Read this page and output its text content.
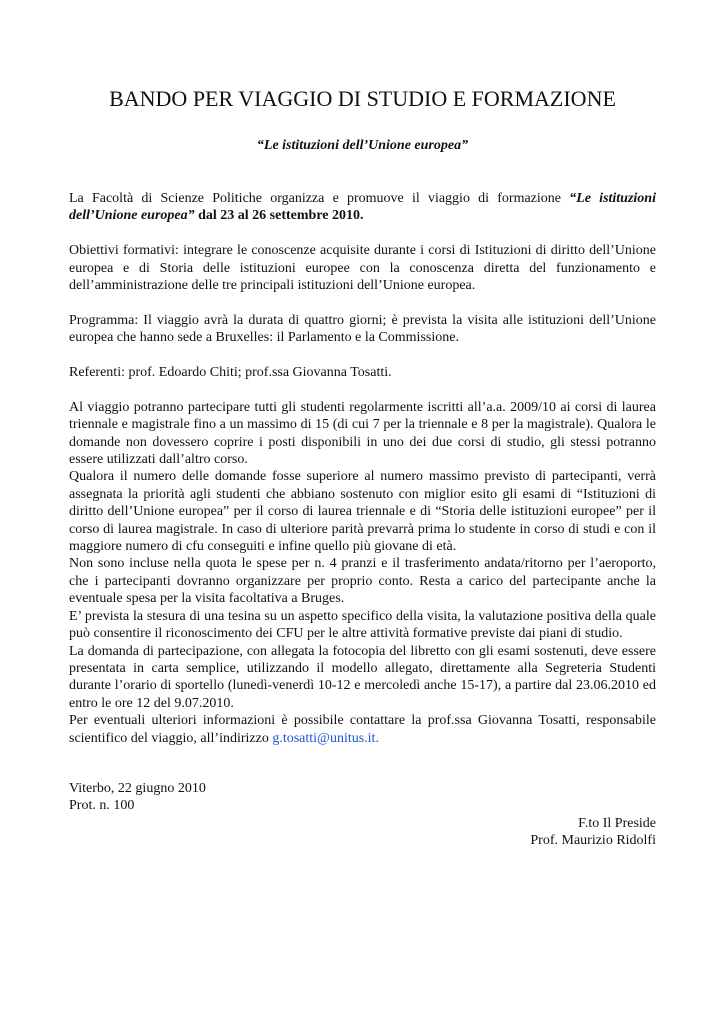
BANDO PER VIAGGIO DI STUDIO E FORMAZIONE

“Le istituzioni dell’Unione europea”

La Facoltà di Scienze Politiche organizza e promuove il viaggio di formazione “Le istituzioni dell’Unione europea” dal 23 al 26 settembre 2010.

Obiettivi formativi: integrare le conoscenze acquisite durante i corsi di Istituzioni di diritto dell’Unione europea e di Storia delle istituzioni europee con la conoscenza diretta del funzionamento e dell’amministrazione delle tre principali istituzioni dell’Unione europea.

Programma: Il viaggio avrà la durata di quattro giorni; è prevista la visita alle istituzioni dell’Unione europea che hanno sede a Bruxelles: il Parlamento e la Commissione.

Referenti: prof. Edoardo Chiti; prof.ssa Giovanna Tosatti.

Al viaggio potranno partecipare tutti gli studenti regolarmente iscritti all’a.a. 2009/10 ai corsi di laurea triennale e magistrale fino a un massimo di 15 (di cui 7 per la triennale e 8 per la magistrale). Qualora le domande non dovessero coprire i posti disponibili in uno dei due corsi di studio, gli stessi potranno essere utilizzati dall’altro corso.

Qualora il numero delle domande fosse superiore al numero massimo previsto di partecipanti, verrà assegnata la priorità agli studenti che abbiano sostenuto con miglior esito gli esami di “Istituzioni di diritto dell’Unione europea” per il corso di laurea triennale e di “Storia delle istituzioni europee” per il corso di laurea magistrale. In caso di ulteriore parità prevarrà prima lo studente in corso di studi e con il maggiore numero di cfu conseguiti e infine quello più giovane di età.

Non sono incluse nella quota le spese per n. 4 pranzi e il trasferimento andata/ritorno per l’aeroporto, che i partecipanti dovranno organizzare per proprio conto. Resta a carico del partecipante anche la eventuale spesa per la visita facoltativa a Bruges.

E’ prevista la stesura di una tesina su un aspetto specifico della visita, la valutazione positiva della quale può consentire il riconoscimento dei CFU per le altre attività formative previste dai piani di studio.

La domanda di partecipazione, con allegata la fotocopia del libretto con gli esami sostenuti, deve essere presentata in carta semplice, utilizzando il modello allegato, direttamente alla Segreteria Studenti durante l’orario di sportello (lunedì-venerdì 10-12 e mercoledì anche 15-17), a partire dal 23.06.2010 ed entro le ore 12 del 9.07.2010.

Per eventuali ulteriori informazioni è possibile contattare la prof.ssa Giovanna Tosatti, responsabile scientifico del viaggio, all’indirizzo g.tosatti@unitus.it.

Viterbo, 22 giugno 2010
Prot. n. 100
F.to Il Preside
Prof. Maurizio Ridolfi
